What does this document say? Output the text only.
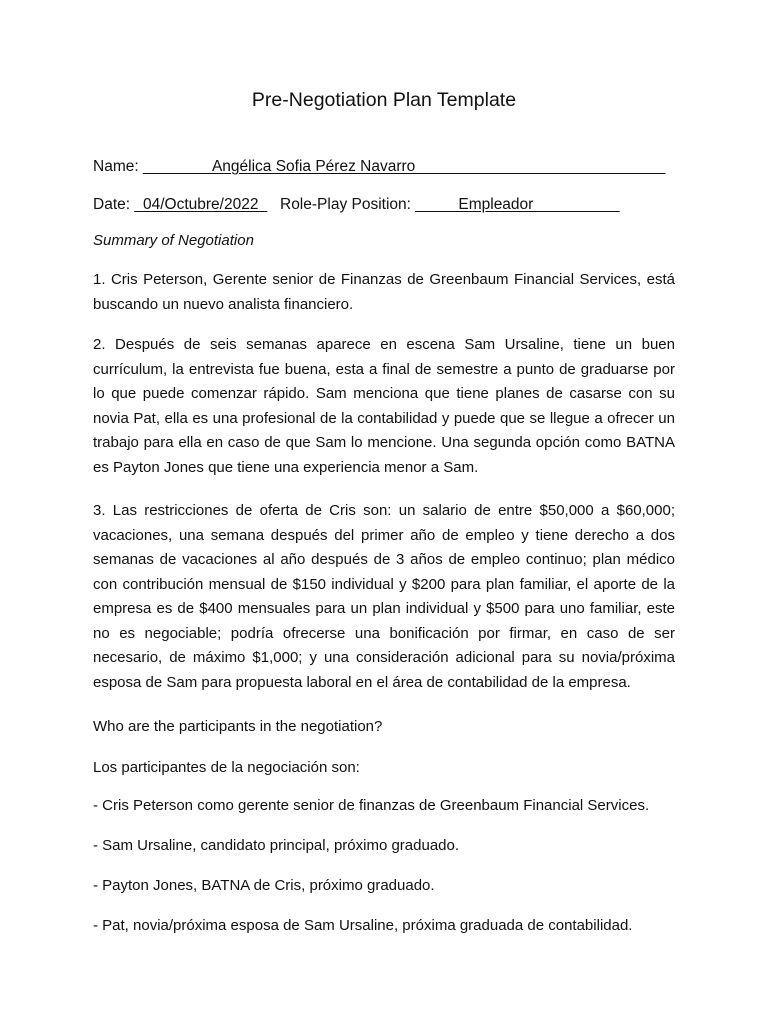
Pre-Negotiation Plan Template
Name: ________Angélica Sofia Pérez Navarro_____________________________
Date: _04/Octubre/2022_   Role-Play Position: _____Empleador__________
Summary of Negotiation
1. Cris Peterson, Gerente senior de Finanzas de Greenbaum Financial Services, está buscando un nuevo analista financiero.
2. Después de seis semanas aparece en escena Sam Ursaline, tiene un buen currículum, la entrevista fue buena, esta a final de semestre a punto de graduarse por lo que puede comenzar rápido. Sam menciona que tiene planes de casarse con su novia Pat, ella es una profesional de la contabilidad y puede que se llegue a ofrecer un trabajo para ella en caso de que Sam lo mencione. Una segunda opción como BATNA es Payton Jones que tiene una experiencia menor a Sam.
3. Las restricciones de oferta de Cris son: un salario de entre $50,000 a $60,000; vacaciones, una semana después del primer año de empleo y tiene derecho a dos semanas de vacaciones al año después de 3 años de empleo continuo; plan médico con contribución mensual de $150 individual y $200 para plan familiar, el aporte de la empresa es de $400 mensuales para un plan individual y $500 para uno familiar, este no es negociable; podría ofrecerse una bonificación por firmar, en caso de ser necesario, de máximo $1,000; y una consideración adicional para su novia/próxima esposa de Sam para propuesta laboral en el área de contabilidad de la empresa.
Who are the participants in the negotiation?
Los participantes de la negociación son:
- Cris Peterson como gerente senior de finanzas de Greenbaum Financial Services.
- Sam Ursaline, candidato principal, próximo graduado.
- Payton Jones, BATNA de Cris, próximo graduado.
- Pat, novia/próxima esposa de Sam Ursaline, próxima graduada de contabilidad.
